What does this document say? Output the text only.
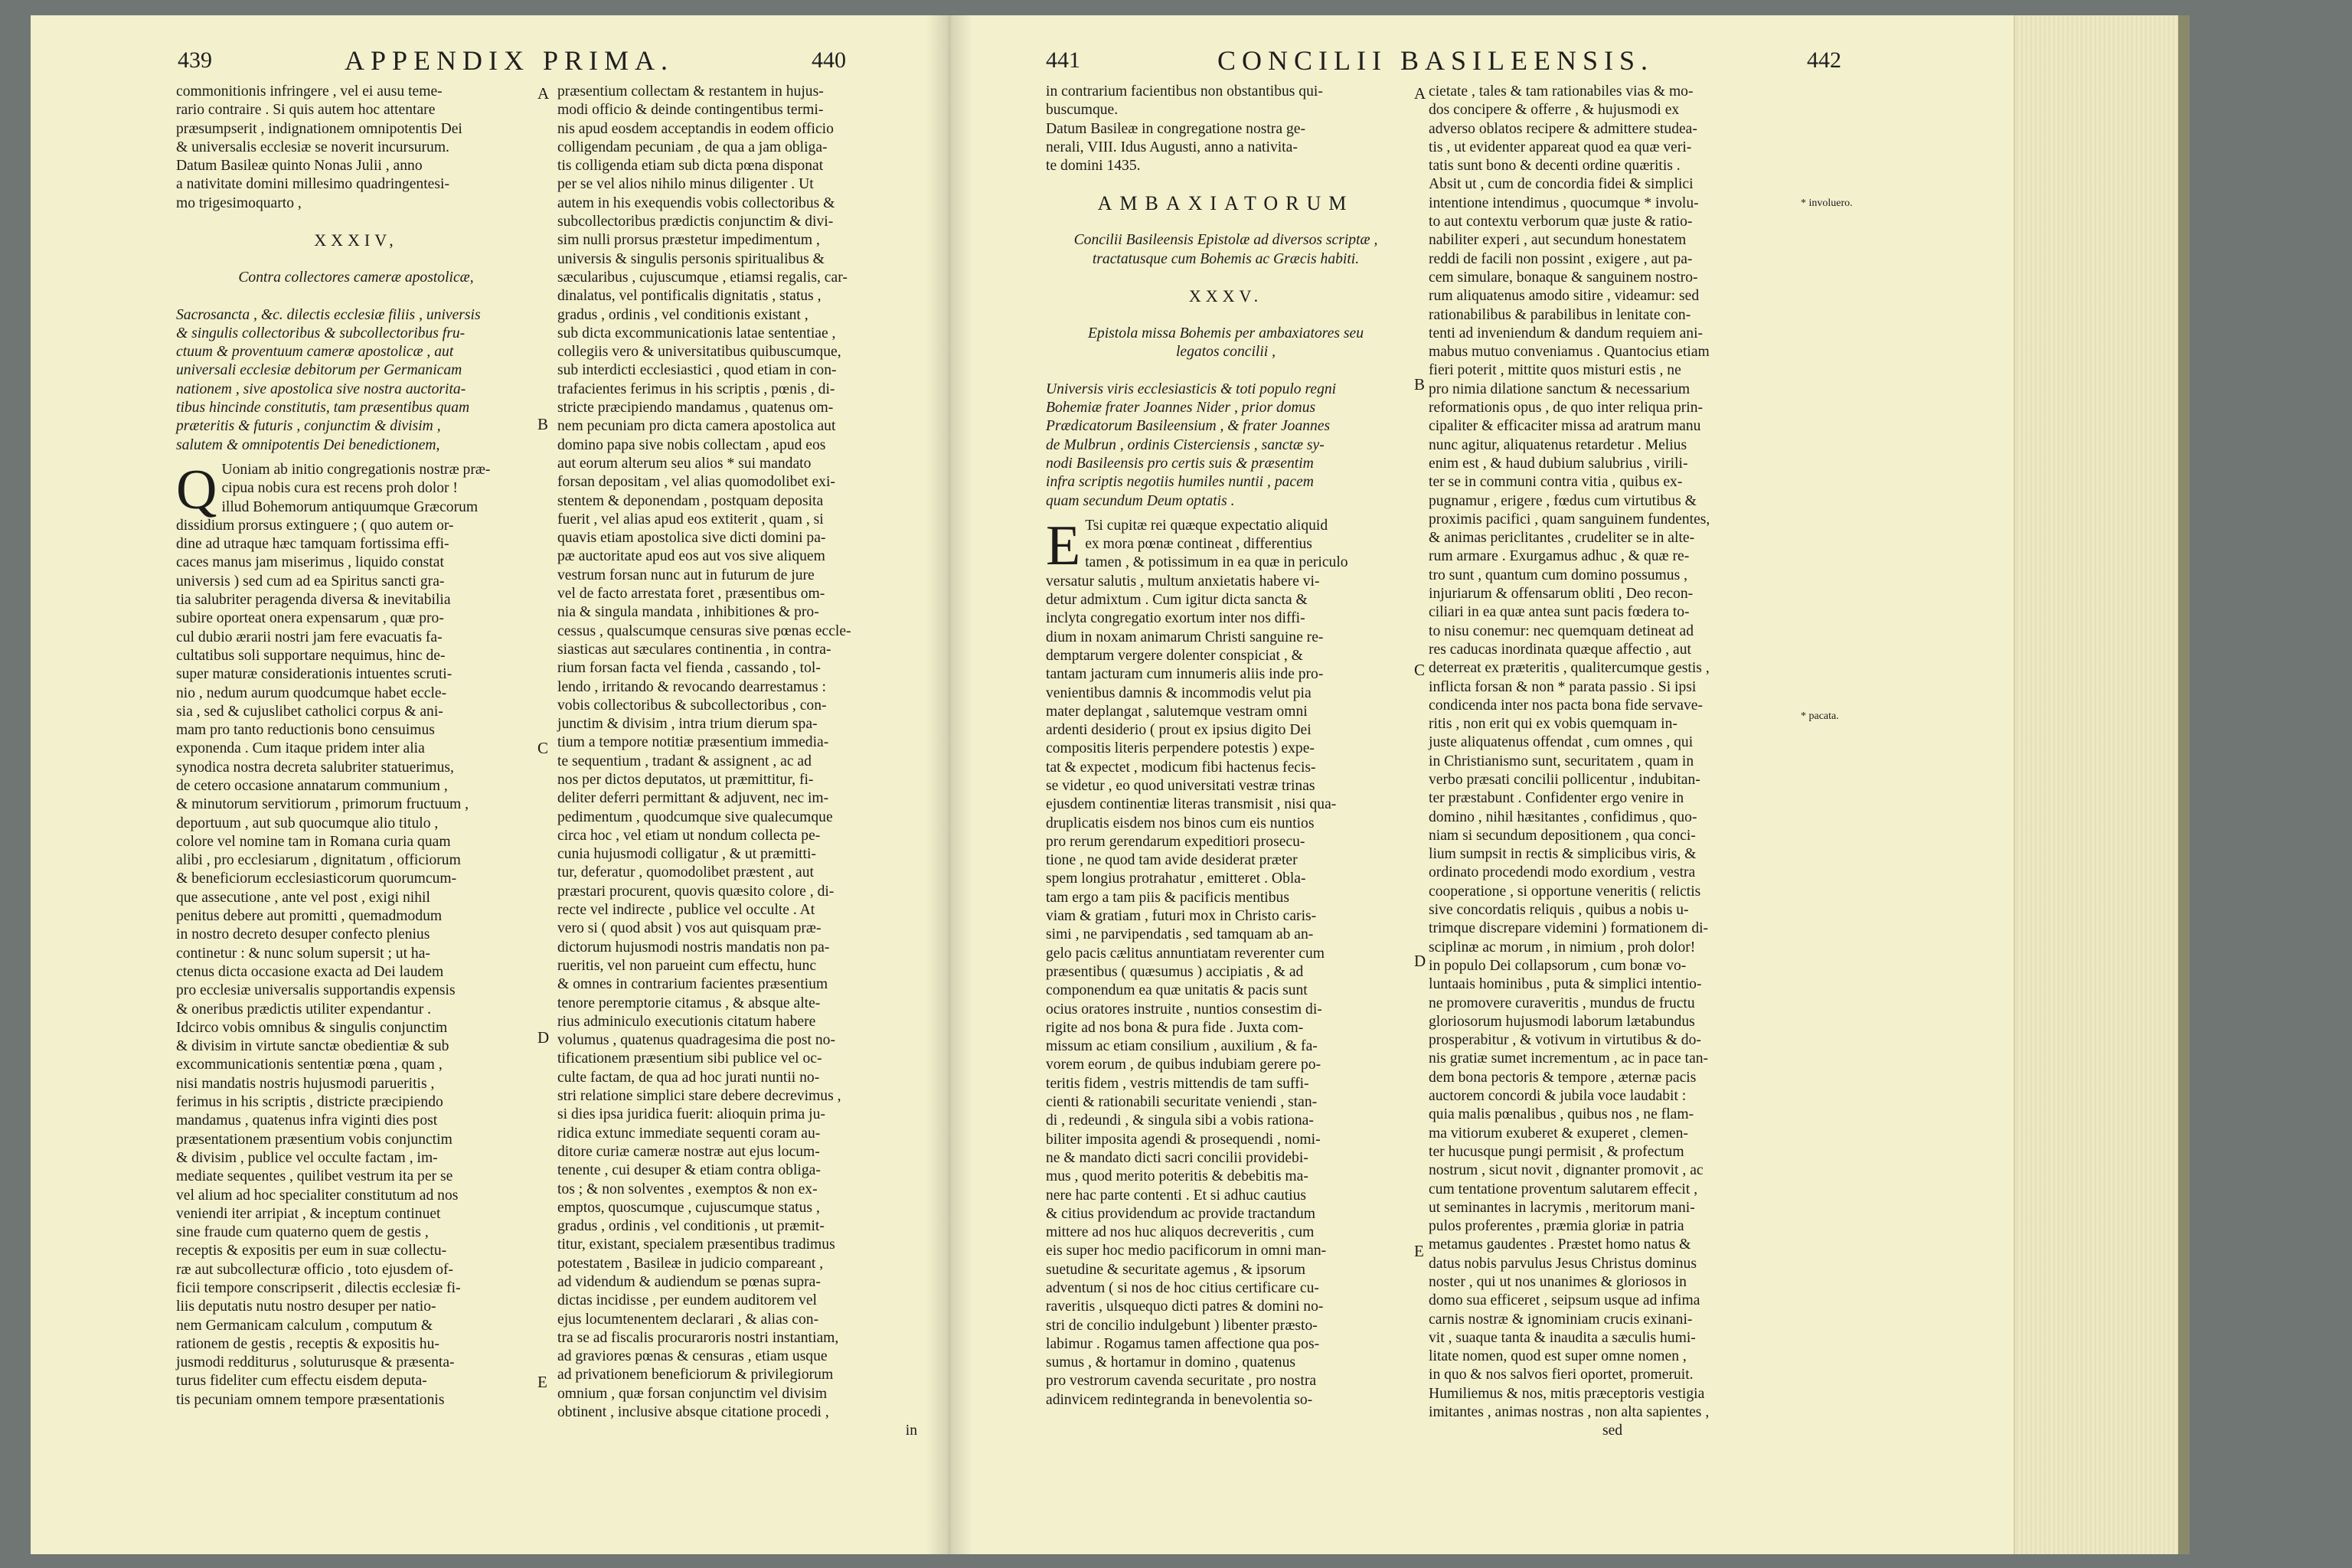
439	APPENDIX PRIMA.	440
commonitionis infringere , vel ei ausu teme-
rario contraire . Si quis autem hoc attentare
præsumpserit , indignationem omnipotentis Dei
& universalis ecclesiæ se noverit incursurum.
Datum Basileæ quinto Nonas Julii , anno
a nativitate domini millesimo quadringentesi-
mo trigesimoquarto ,
XXXIV,
Contra collectores cameræ apostolicæ,
Sacrosancta , &c. dilectis ecclesiæ filiis , universis
& singulis collectoribus & subcollectoribus fru-
ctuum & proventuum cameræ apostolicæ , aut
universali ecclesiæ debitorum per Germanicam
nationem , sive apostolica sive nostra auctorita-
tibus hincinde constitutis, tam præsentibus quam
præteritis & futuris , conjunctim & divisim ,
salutem & omnipotentis Dei benedictionem,
Q Uoniam ab initio congregationis nostræ præ-
cipua nobis cura est recens proh dolor !
illud Bohemorum antiquumque Græcorum
dissidium prorsus extinguere ; ( quo autem or-
dine ad utraque hæc tamquam fortissima effi-
caces manus jam miserimus , liquido constat
universis ) sed cum ad ea Spiritus sancti gra-
tia salubriter peragenda diversa & inevitabilia
subire oporteat onera expensarum , quæ pro-
cul dubio ærarii nostri jam fere evacuatis fa-
cultatibus soli supportare nequimus, hinc de-
super maturæ considerationis intuentes scruti-
nio , nedum aurum quodcumque habet eccle-
sia , sed & cujuslibet catholici corpus & ani-
mam pro tanto reductionis bono censuimus
exponenda . Cum itaque pridem inter alia
synodica nostra decreta salubriter statuerimus,
de cetero occasione annatarum communium ,
& minutorum servitiorum , primorum fructuum ,
deportuum , aut sub quocumque alio titulo ,
colore vel nomine tam in Romana curia quam
alibi , pro ecclesiarum , dignitatum , officiorum
& beneficiorum ecclesiasticorum quorumcum-
que assecutione , ante vel post , exigi nihil
penitus debere aut promitti , quemadmodum
in nostro decreto desuper confecto plenius
continetur : & nunc solum supersit ; ut ha-
ctenus dicta occasione exacta ad Dei laudem
pro ecclesiæ universalis supportandis expensis
& oneribus prædictis utiliter expendantur .
Idcirco vobis omnibus & singulis conjunctim
& divisim in virtute sanctæ obedientiæ & sub
excommunicationis sententiæ pœna , quam ,
nisi mandatis nostris hujusmodi parueritis ,
ferimus in his scriptis , districte præcipiendo
mandamus , quatenus infra viginti dies post
præsentationem præsentium vobis conjunctim
& divisim , publice vel occulte factam , im-
mediate sequentes , quilibet vestrum ita per se
vel alium ad hoc specialiter constitutum ad nos
veniendi iter arripiat , & inceptum continuet
sine fraude cum quaterno quem de gestis ,
receptis & expositis per eum in suæ collectu-
ræ aut subcollecturæ officio , toto ejusdem of-
ficii tempore conscripserit , dilectis ecclesiæ fi-
liis deputatis nutu nostro desuper per natio-
nem Germanicam calculum , computum &
rationem de gestis , receptis & expositis hu-
jusmodi redditurus , soluturusque & præsenta-
turus fideliter cum effectu eisdem deputa-
tis pecuniam omnem tempore præsentationis
præsentium collectam & restantem in hujus-
modi officio & deinde contingentibus termi-
nis apud eosdem acceptandis in eodem officio
colligendam pecuniam , de qua a jam obliga-
tis colligenda etiam sub dicta pœna disponat
per se vel alios nihilo minus diligenter . Ut
autem in his exequendis vobis collectoribus &
subcollectoribus prædictis conjunctim & divi-
sim nulli prorsus præstetur impedimentum ,
universis & singulis personis spiritualibus &
sæcularibus , cujuscumque , etiamsi regalis, car-
dinalatus, vel pontificalis dignitatis , status ,
gradus , ordinis , vel conditionis existant ,
sub dicta excommunicationis latae sententiae ,
collegiis vero & universitatibus quibuscumque,
sub interdicti ecclesiastici , quod etiam in con-
trafacientes ferimus in his scriptis , pœnis , di-
stricte præcipiendo mandamus , quatenus om-
nem pecuniam pro dicta camera apostolica aut
domino papa sive nobis collectam , apud eos
aut eorum alterum seu alios * sui mandato
forsan depositam , vel alias quomodolibet exi-
stentem & deponendam , postquam deposita
fuerit , vel alias apud eos extiterit , quam , si
quavis etiam apostolica sive dicti domini pa-
pæ auctoritate apud eos aut vos sive aliquem
vestrum forsan nunc aut in futurum de jure
vel de facto arrestata foret , præsentibus om-
nia & singula mandata , inhibitiones & pro-
cessus , qualscumque censuras sive pœnas eccle-
siasticas aut sæculares continentia , in contra-
rium forsan facta vel fienda , cassando , tol-
lendo , irritando & revocando dearrestamus :
vobis collectoribus & subcollectoribus , con-
junctim & divisim , intra trium dierum spa-
tium a tempore notitiæ præsentium immedia-
te sequentium , tradant & assignent , ac ad
nos per dictos deputatos, ut præmittitur, fi-
deliter deferri permittant & adjuvent, nec im-
pedimentum , quodcumque sive qualecumque
circa hoc , vel etiam ut nondum collecta pe-
cunia hujusmodi colligatur , & ut præmitti-
tur, deferatur , quomodolibet præstent , aut
præstari procurent, quovis quæsito colore , di-
recte vel indirecte , publice vel occulte . At
vero si ( quod absit ) vos aut quisquam præ-
dictorum hujusmodi nostris mandatis non pa-
rueritis, vel non parueint cum effectu, hunc
& omnes in contrarium facientes præsentium
tenore peremptorie citamus , & absque alte-
rius adminiculo executionis citatum habere
volumus , quatenus quadragesima die post no-
tificationem præsentium sibi publice vel oc-
culte factam, de qua ad hoc jurati nuntii no-
stri relatione simplici stare debere decrevimus ,
si dies ipsa juridica fuerit: alioquin prima ju-
ridica extunc immediate sequenti coram au-
ditore curiæ cameræ nostræ aut ejus locum-
tenente , cui desuper & etiam contra obliga-
tos ; & non solventes , exemptos & non ex-
emptos, quoscumque , cujuscumque status ,
gradus , ordinis , vel conditionis , ut præmit-
titur, existant, specialem præsentibus tradimus
potestatem , Basileæ in judicio compareant ,
ad videndum & audiendum se pœnas supra-
dictas incidisse , per eundem auditorem vel
ejus locumtenentem declarari , & alias con-
tra se ad fiscalis procuraroris nostri instantiam,
ad graviores pœnas & censuras , etiam usque
ad privationem beneficiorum & privilegiorum
omnium , quæ forsan conjunctim vel divisim
obtinent , inclusive absque citatione procedi ,
in
A
B
C
D
E
441	CONCILII BASILEENSIS.	442
in contrarium facientibus non obstantibus qui-
buscumque.
Datum Basileæ in congregatione nostra ge-
nerali, VIII. Idus Augusti, anno a nativita-
te domini 1435.
AMBAXIATORUM
Concilii Basileensis Epistolæ ad diversos scriptæ ,
tractatusque cum Bohemis ac Græcis habiti.
XXXV.
Epistola missa Bohemis per ambaxiatores seu
legatos concilii ,
Universis viris ecclesiasticis & toti populo regni
Bohemiæ frater Joannes Nider , prior domus
Prædicatorum Basileensium , & frater Joannes
de Mulbrun , ordinis Cisterciensis , sanctæ sy-
nodi Basileensis pro certis suis & præsentim
infra scriptis negotiis humiles nuntii , pacem
quam secundum Deum optatis .
E Tsi cupitæ rei quæque expectatio aliquid
ex mora pœnæ contineat , differentius
tamen , & potissimum in ea quæ in periculo
versatur salutis , multum anxietatis habere vi-
detur admixtum . Cum igitur dicta sancta &
inclyta congregatio exortum inter nos diffi-
dium in noxam animarum Christi sanguine re-
demptarum vergere dolenter conspiciat , &
tantam jacturam cum innumeris aliis inde pro-
venientibus damnis & incommodis velut pia
mater deplangat , salutemque vestram omni
ardenti desiderio ( prout ex ipsius digito Dei
compositis literis perpendere potestis ) expe-
tat & expectet , modicum fibi hactenus fecis-
se videtur , eo quod universitati vestræ trinas
ejusdem continentiæ literas transmisit , nisi qua-
druplicatis eisdem nos binos cum eis nuntios
pro rerum gerendarum expeditiori prosecu-
tione , ne quod tam avide desiderat præter
spem longius protrahatur , emitteret . Obla-
tam ergo a tam piis & pacificis mentibus
viam & gratiam , futuri mox in Christo caris-
simi , ne parvipendatis , sed tamquam ab an-
gelo pacis cælitus annuntiatam reverenter cum
præsentibus ( quæsumus ) accipiatis , & ad
componendum ea quæ unitatis & pacis sunt
ocius oratores instruite , nuntios consestim di-
rigite ad nos bona & pura fide . Juxta com-
missum ac etiam consilium , auxilium , & fa-
vorem eorum , de quibus indubiam gerere po-
teritis fidem , vestris mittendis de tam suffi-
cienti & rationabili securitate veniendi , stan-
di , redeundi , & singula sibi a vobis rationa-
biliter imposita agendi & prosequendi , nomi-
ne & mandato dicti sacri concilii providebi-
mus , quod merito poteritis & debebitis ma-
nere hac parte contenti . Et si adhuc cautius
& citius providendum ac provide tractandum
mittere ad nos huc aliquos decreveritis , cum
eis super hoc medio pacificorum in omni man-
suetudine & securitate agemus , & ipsorum
adventum ( si nos de hoc citius certificare cu-
raveritis , ulsquequo dicti patres & domini no-
stri de concilio indulgebunt ) libenter præsto-
labimur . Rogamus tamen affectione qua pos-
sumus , & hortamur in domino , quatenus
pro vestrorum cavenda securitate , pro nostra
adinvicem redintegranda in benevolentia so-
cietate , tales & tam rationabiles vias & mo-
dos concipere & offerre , & hujusmodi ex
adverso oblatos recipere & admittere studea-
tis , ut evidenter appareat quod ea quæ veri-
tatis sunt bono & decenti ordine quæritis .
Absit ut , cum de concordia fidei & simplici
intentione intendimus , quocumque * involu-
to aut contextu verborum quæ juste & ratio-
nabiliter experi , aut secundum honestatem
reddi de facili non possint , exigere , aut pa-
cem simulare, bonaque & sanguinem nostro-
rum aliquatenus amodo sitire , videamur: sed
rationabilibus & parabilibus in lenitate con-
tenti ad inveniendum & dandum requiem ani-
mabus mutuo conveniamus . Quantocius etiam
fieri poterit , mittite quos misturi estis , ne
pro nimia dilatione sanctum & necessarium
reformationis opus , de quo inter reliqua prin-
cipaliter & efficaciter missa ad aratrum manu
nunc agitur, aliquatenus retardetur . Melius
enim est , & haud dubium salubrius , virili-
ter se in communi contra vitia , quibus ex-
pugnamur , erigere , fœdus cum virtutibus &
proximis pacifici , quam sanguinem fundentes,
& animas periclitantes , crudeliter se in alte-
rum armare . Exurgamus adhuc , & quæ re-
tro sunt , quantum cum domino possumus ,
injuriarum & offensarum obliti , Deo recon-
ciliari in ea quæ antea sunt pacis fœdera to-
to nisu conemur: nec quemquam detineat ad
res caducas inordinata quæque affectio , aut
deterreat ex præteritis , qualitercumque gestis ,
inflicta forsan & non * parata passio . Si ipsi
condicenda inter nos pacta bona fide servave-
ritis , non erit qui ex vobis quemquam in-
juste aliquatenus offendat , cum omnes , qui
in Christianismo sunt, securitatem , quam in
verbo præsati concilii pollicentur , indubitan-
ter præstabunt . Confidenter ergo venire in
domino , nihil hæsitantes , confidimus , quo-
niam si secundum depositionem , qua conci-
lium sumpsit in rectis & simplicibus viris, &
ordinato procedendi modo exordium , vestra
cooperatione , si opportune veneritis ( relictis
sive concordatis reliquis , quibus a nobis u-
trimque discrepare videmini ) formationem di-
sciplinæ ac morum , in nimium , proh dolor!
in populo Dei collapsorum , cum bonæ vo-
luntaais hominibus , puta & simplici intentio-
ne promovere curaveritis , mundus de fructu
gloriosorum hujusmodi laborum lætabundus
prosperabitur , & votivum in virtutibus & do-
nis gratiæ sumet incrementum , ac in pace tan-
dem bona pectoris & tempore , æternæ pacis
auctorem concordi & jubila voce laudabit :
quia malis pœnalibus , quibus nos , ne flam-
ma vitiorum exuberet & exuperet , clemen-
ter hucusque pungi permisit , & profectum
nostrum , sicut novit , dignanter promovit , ac
cum tentatione proventum salutarem effecit ,
ut seminantes in lacrymis , meritorum mani-
pulos proferentes , præmia gloriæ in patria
metamus gaudentes . Præstet homo natus &
datus nobis parvulus Jesus Christus dominus
noster , qui ut nos unanimes & gloriosos in
domo sua efficeret , seipsum usque ad infima
carnis nostræ & ignominiam crucis exinani-
vit , suaque tanta & inaudita a sæculis humi-
litate nomen, quod est super omne nomen ,
in quo & nos salvos fieri oportet, promeruit.
Humiliemus & nos, mitis præceptoris vestigia
imitantes , animas nostras , non alta sapientes ,
sed
A
B
C
D
E
* involuero.
* pacata.
